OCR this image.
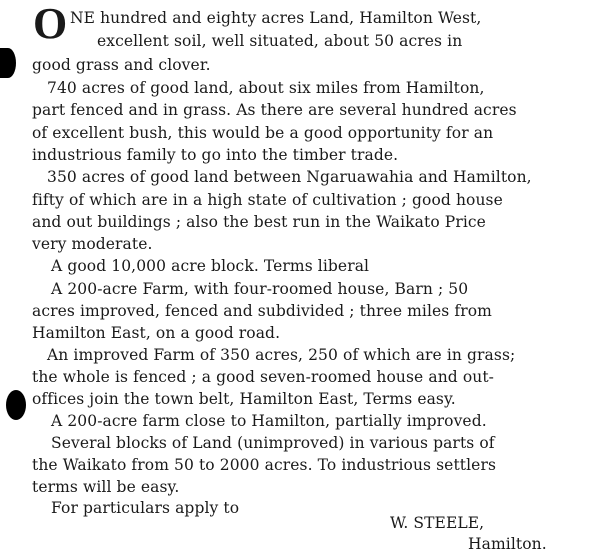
O NE hundred and eighty acres Land, Hamilton West,
excellent soil, well situated, about 50 acres in
good grass and clover.
740 acres of good land, about six miles from Hamilton,
part fenced and in grass. As there are several hundred acres
of excellent bush, this would be a good opportunity for an
industrious family to go into the timber trade.
350 acres of good land between Ngaruawahia and Hamilton,
fifty of which are in a high state of cultivation ; good house
and out buildings ; also the best run in the Waikato Price
very moderate.
A good 10,000 acre block. Terms liberal
A 200-acre Farm, with four-roomed house, Barn ; 50
acres improved, fenced and subdivided ; three miles from
Hamilton East, on a good road.
An improved Farm of 350 acres, 250 of which are in grass;
the whole is fenced ; a good seven-roomed house and out-
offices join the town belt, Hamilton East, Terms easy.
A 200-acre farm close to Hamilton, partially improved.
Several blocks of Land (unimproved) in various parts of
the Waikato from 50 to 2000 acres. To industrious settlers
terms will be easy.
For particulars apply to
W. STEELE,
Hamilton.
